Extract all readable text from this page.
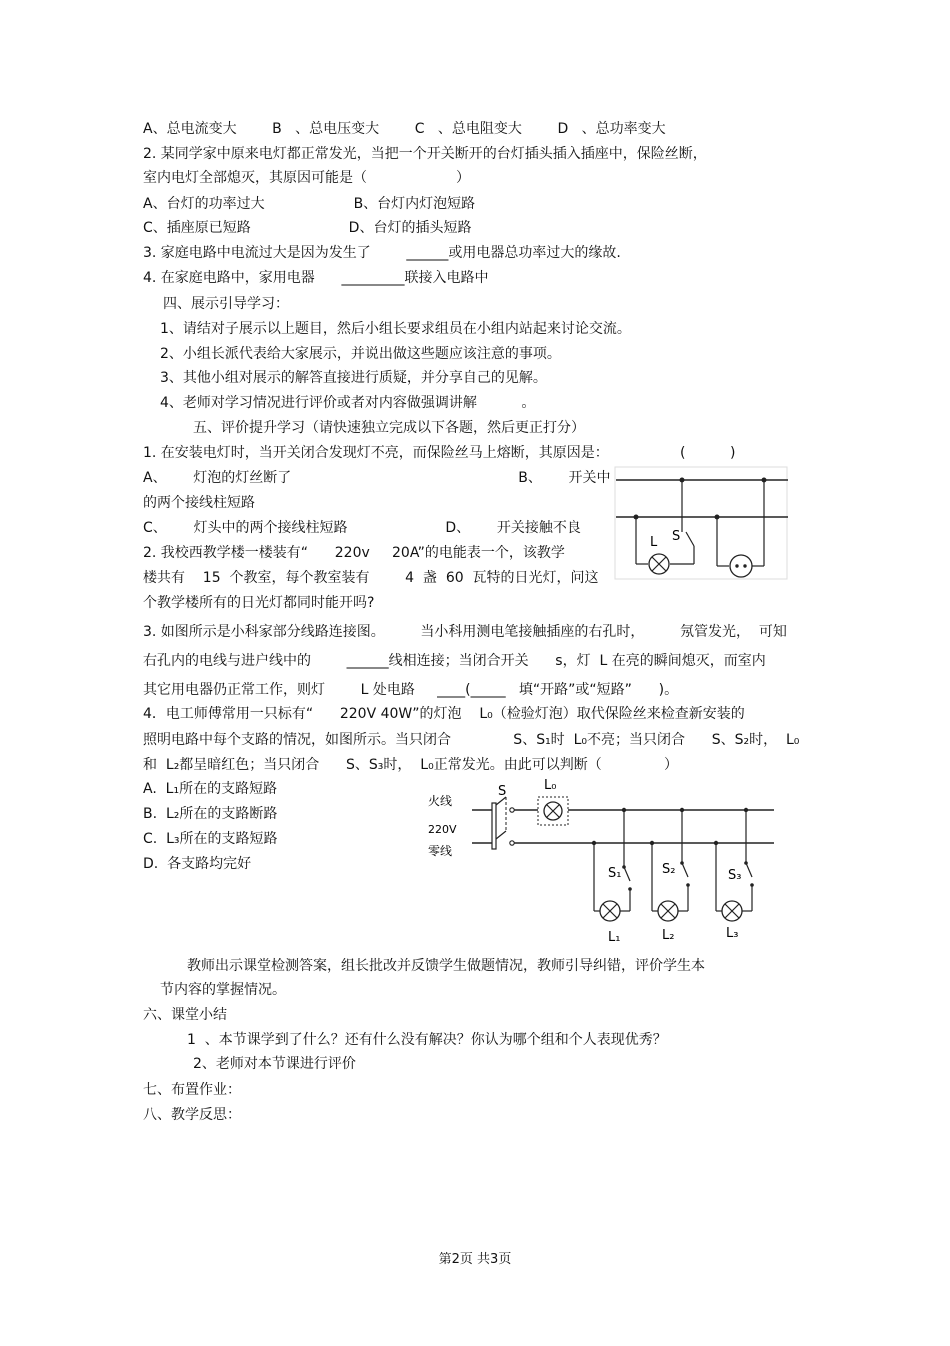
A、总电流变大        B   、总电压变大        C   、总电阻变大        D   、总功率变大

2. 某同学家中原来电灯都正常发光，当把一个开关断开的台灯插头插入插座中，保险丝断，

室内电灯全部熄灭，其原因可能是（                    ）

A、台灯的功率过大                    B、台灯内灯泡短路

C、插座原已短路                      D、台灯的插头短路

3. 家庭电路中电流过大是因为发生了        ______或用电器总功率过大的缘故.

4. 在家庭电路中，家用电器      _________联接入电路中

四、展示引导学习：

1、请结对子展示以上题目，然后小组长要求组员在小组内站起来讨论交流。

2、小组长派代表给大家展示，并说出做这些题应该注意的事项。

3、其他小组对展示的解答直接进行质疑，并分享自己的见解。

4、老师对学习情况进行评价或者对内容做强调讲解          。

五、评价提升学习（请快速独立完成以下各题，然后更正打分）

1. 在安装电灯时，当开关闭合发现灯不亮，而保险丝马上熔断，其原因是：                (          )

A、      灯泡的灯丝断了                                                   B、      开关中

的两个接线柱短路

C、      灯头中的两个接线柱短路                      D、      开关接触不良

2. 我校西教学楼一楼装有“      220v     20A”的电能表一个，该教学

楼共有    15  个教室，每个教室装有        4  盏  60  瓦特的日光灯，问这

个教学楼所有的日光灯都同时能开吗?

3. 如图所示是小科家部分线路连接图。        当小科用测电笔接触插座的右孔时，        氖管发光，  可知

右孔内的电线与进户线中的        ______线相连接；当闭合开关      s，灯  L 在亮的瞬间熄灭，而室内

其它用电器仍正常工作，则灯        L 处电路     ____(_____   填“开路”或“短路”      )。

4．电工师傅常用一只标有“      220V 40W”的灯泡    L₀（检验灯泡）取代保险丝来检查新安装的

照明电路中每个支路的情况，如图所示。当只闭合              S、S₁时  L₀不亮；当只闭合      S、S₂时，  L₀

和  L₂都呈暗红色；当只闭合      S、S₃时，  L₀正常发光。由此可以判断（              ）

A.  L₁所在的支路短路

B.  L₂所在的支路断路

C.  L₃所在的支路短路

D.  各支路均完好

教师出示课堂检测答案，组长批改并反馈学生做题情况，教师引导纠错，评价学生本

节内容的掌握情况。

六、课堂小结

1  、本节课学到了什么？还有什么没有解决？你认为哪个组和个人表现优秀？

2、老师对本节课进行评价

七、布置作业：

八、教学反思：

L S
火线
220V
零线
S	L₀
S₁
L₁
S₂
L₂
S₃
L₃
第2页 共3页
